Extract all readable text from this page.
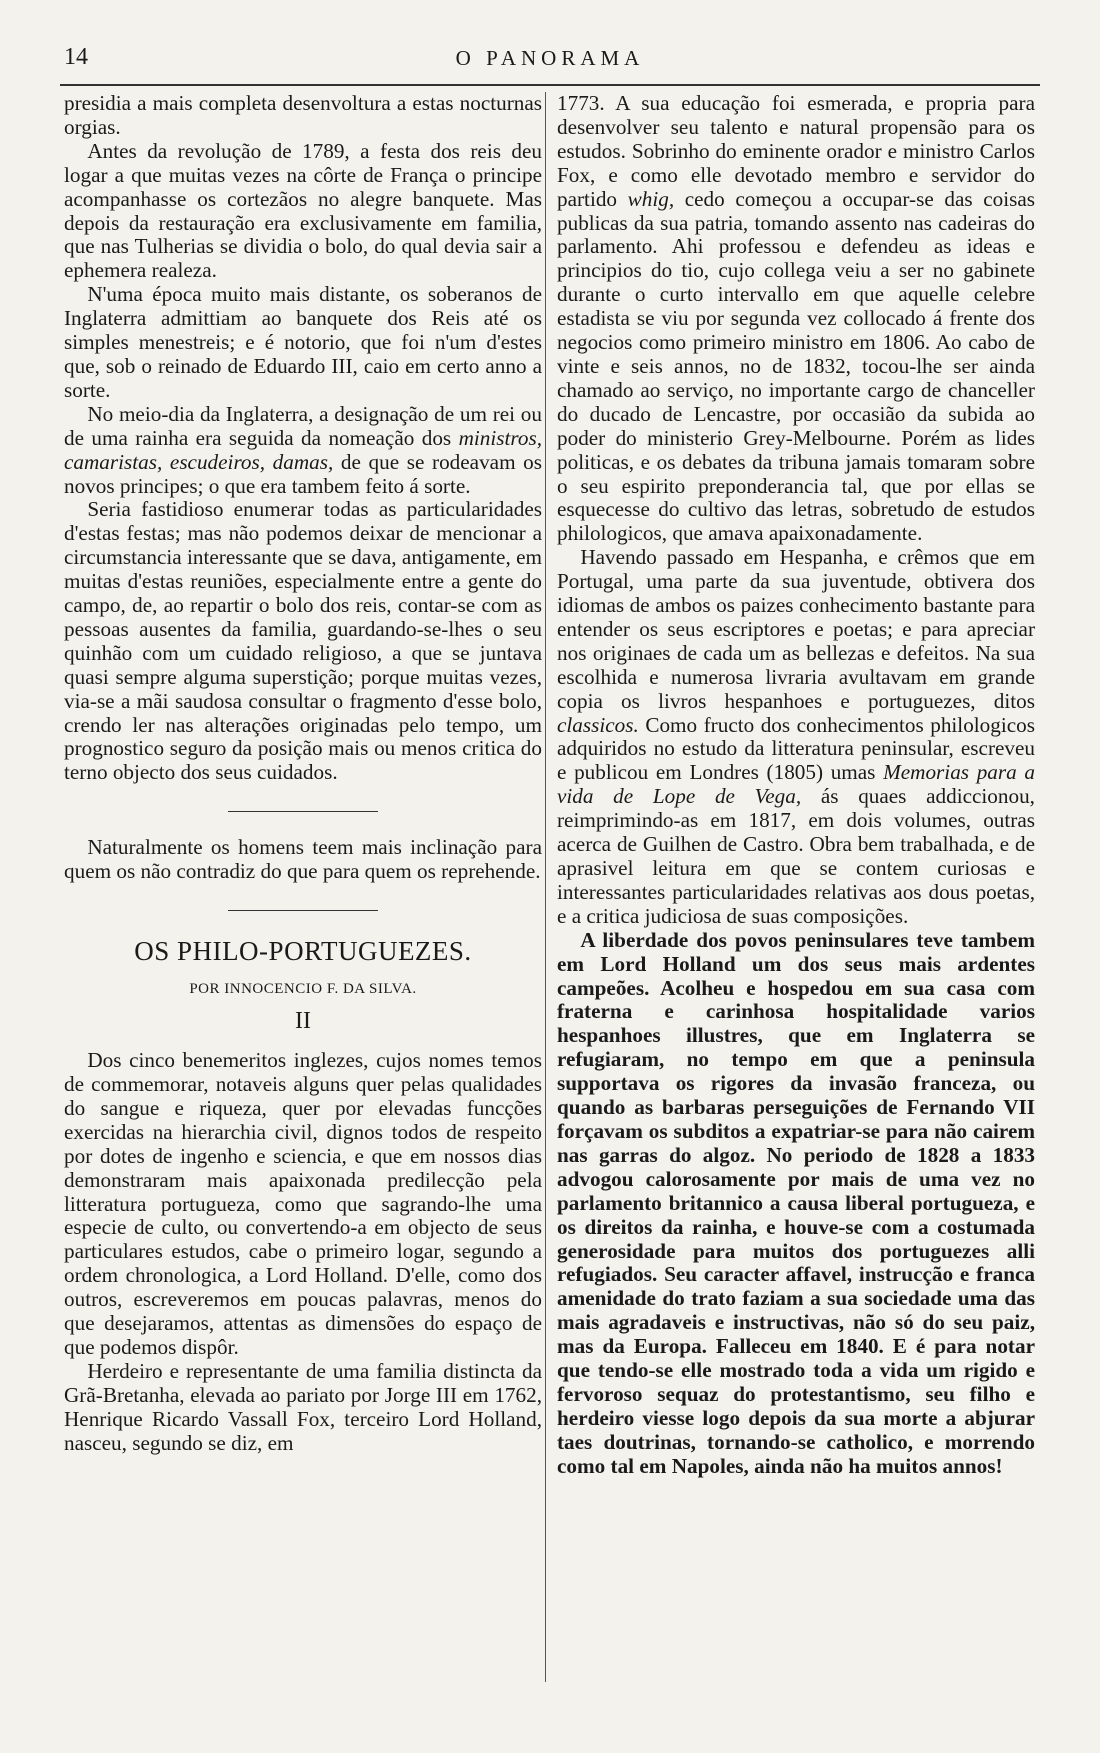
14	O PANORAMA

presidia a mais completa desenvoltura a estas nocturnas orgias.

Antes da revolução de 1789, a festa dos reis deu logar a que muitas vezes na côrte de França o principe acompanhasse os cortezãos no alegre banquete. Mas depois da restauração era exclusivamente em familia, que nas Tulherias se dividia o bolo, do qual devia sair a ephemera realeza.

N'uma época muito mais distante, os soberanos de Inglaterra admittiam ao banquete dos Reis até os simples menestreis; e é notorio, que foi n'um d'estes que, sob o reinado de Eduardo III, caio em certo anno a sorte.

No meio-dia da Inglaterra, a designação de um rei ou de uma rainha era seguida da nomeação dos ministros, camaristas, escudeiros, damas, de que se rodeavam os novos principes; o que era tambem feito á sorte.

Seria fastidioso enumerar todas as particularidades d'estas festas; mas não podemos deixar de mencionar a circumstancia interessante que se dava, antigamente, em muitas d'estas reuniões, especialmente entre a gente do campo, de, ao repartir o bolo dos reis, contar-se com as pessoas ausentes da familia, guardando-se-lhes o seu quinhão com um cuidado religioso, a que se juntava quasi sempre alguma superstição; porque muitas vezes, via-se a mãi saudosa consultar o fragmento d'esse bolo, crendo ler nas alterações originadas pelo tempo, um prognostico seguro da posição mais ou menos critica do terno objecto dos seus cuidados.

Naturalmente os homens teem mais inclinação para quem os não contradiz do que para quem os reprehende.

OS PHILO-PORTUGUEZES.
POR INNOCENCIO F. DA SILVA.
II

Dos cinco benemeritos inglezes, cujos nomes temos de commemorar, notaveis alguns quer pelas qualidades do sangue e riqueza, quer por elevadas funcções exercidas na hierarchia civil, dignos todos de respeito por dotes de ingenho e sciencia, e que em nossos dias demonstraram mais apaixonada predilecção pela litteratura portugueza, como que sagrando-lhe uma especie de culto, ou convertendo-a em objecto de seus particulares estudos, cabe o primeiro logar, segundo a ordem chronologica, a Lord Holland. D'elle, como dos outros, escreveremos em poucas palavras, menos do que desejaramos, attentas as dimensões do espaço de que podemos dispôr.

Herdeiro e representante de uma familia distincta da Grã-Bretanha, elevada ao pariato por Jorge III em 1762, Henrique Ricardo Vassall Fox, terceiro Lord Holland, nasceu, segundo se diz, em

1773. A sua educação foi esmerada, e propria para desenvolver seu talento e natural propensão para os estudos. Sobrinho do eminente orador e ministro Carlos Fox, e como elle devotado membro e servidor do partido whig, cedo começou a occupar-se das coisas publicas da sua patria, tomando assento nas cadeiras do parlamento. Ahi professou e defendeu as ideas e principios do tio, cujo collega veiu a ser no gabinete durante o curto intervallo em que aquelle celebre estadista se viu por segunda vez collocado á frente dos negocios como primeiro ministro em 1806. Ao cabo de vinte e seis annos, no de 1832, tocou-lhe ser ainda chamado ao serviço, no importante cargo de chanceller do ducado de Lencastre, por occasião da subida ao poder do ministerio Grey-Melbourne. Porém as lides politicas, e os debates da tribuna jamais tomaram sobre o seu espirito preponderancia tal, que por ellas se esquecesse do cultivo das letras, sobretudo de estudos philologicos, que amava apaixonadamente.

Havendo passado em Hespanha, e crêmos que em Portugal, uma parte da sua juventude, obtivera dos idiomas de ambos os paizes conhecimento bastante para entender os seus escriptores e poetas; e para apreciar nos originaes de cada um as bellezas e defeitos. Na sua escolhida e numerosa livraria avultavam em grande copia os livros hespanhoes e portuguezes, ditos classicos. Como fructo dos conhecimentos philologicos adquiridos no estudo da litteratura peninsular, escreveu e publicou em Londres (1805) umas Memorias para a vida de Lope de Vega, ás quaes addiccionou, reimprimindo-as em 1817, em dois volumes, outras acerca de Guilhen de Castro. Obra bem trabalhada, e de aprasivel leitura em que se contem curiosas e interessantes particularidades relativas aos dous poetas, e a critica judiciosa de suas composições.

A liberdade dos povos peninsulares teve tambem em Lord Holland um dos seus mais ardentes campeões. Acolheu e hospedou em sua casa com fraterna e carinhosa hospitalidade varios hespanhoes illustres, que em Inglaterra se refugiaram, no tempo em que a peninsula supportava os rigores da invasão franceza, ou quando as barbaras perseguições de Fernando VII forçavam os subditos a expatriar-se para não cairem nas garras do algoz. No periodo de 1828 a 1833 advogou calorosamente por mais de uma vez no parlamento britannico a causa liberal portugueza, e os direitos da rainha, e houve-se com a costumada generosidade para muitos dos portuguezes alli refugiados. Seu caracter affavel, instrucção e franca amenidade do trato faziam a sua sociedade uma das mais agradaveis e instructivas, não só do seu paiz, mas da Europa. Falleceu em 1840. E é para notar que tendo-se elle mostrado toda a vida um rigido e fervoroso sequaz do protestantismo, seu filho e herdeiro viesse logo depois da sua morte a abjurar taes doutrinas, tornando-se catholico, e morrendo como tal em Napoles, ainda não ha muitos annos!
